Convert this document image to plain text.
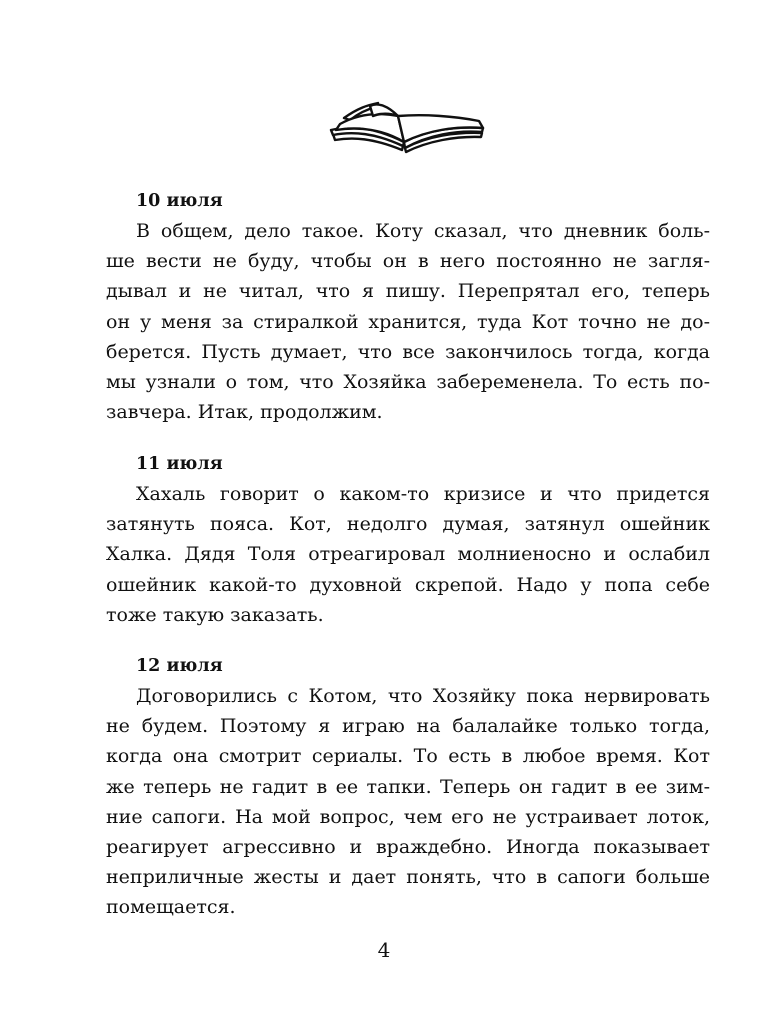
10 июля

В общем, дело такое. Коту сказал, что дневник боль-

ше вести не буду, чтобы он в него постоянно не загля-

дывал и не читал, что я пишу. Перепрятал его, теперь

он у меня за стиралкой хранится, туда Кот точно не до-

берется. Пусть думает, что все закончилось тогда, когда

мы узнали о том, что Хозяйка забеременела. То есть по-

завчера. Итак, продолжим.

11 июля

Хахаль говорит о каком-то кризисе и что придется

затянуть пояса. Кот, недолго думая, затянул ошейник

Халка. Дядя Толя отреагировал молниеносно и ослабил

ошейник какой-то духовной скрепой. Надо у попа себе

тоже такую заказать.

12 июля

Договорились с Котом, что Хозяйку пока нервировать

не будем. Поэтому я играю на балалайке только тогда,

когда она смотрит сериалы. То есть в любое время. Кот

же теперь не гадит в ее тапки. Теперь он гадит в ее зим-

ние сапоги. На мой вопрос, чем его не устраивает лоток,

реагирует агрессивно и враждебно. Иногда показывает

неприличные жесты и дает понять, что в сапоги больше

помещается.

4
